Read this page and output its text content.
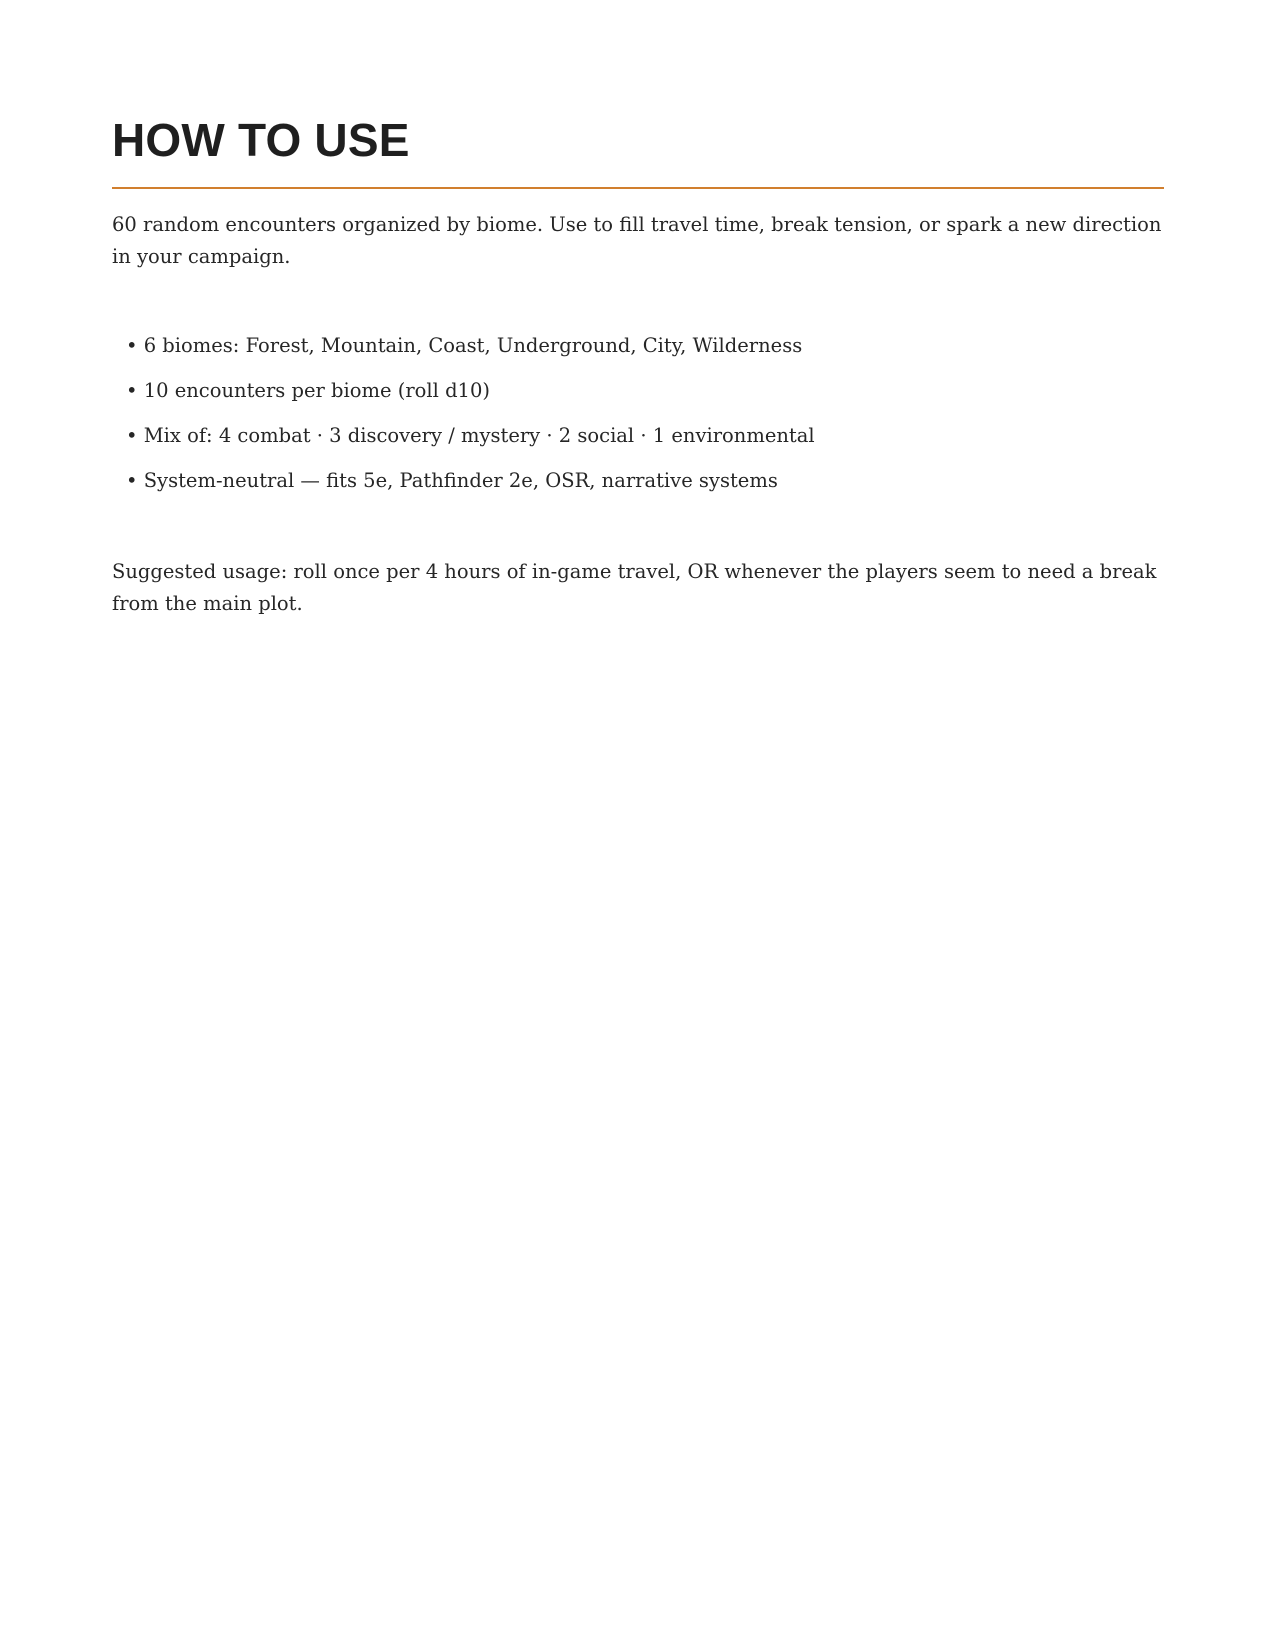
HOW TO USE

60 random encounters organized by biome. Use to fill travel time, break tension, or spark a new direction in your campaign.

• 6 biomes: Forest, Mountain, Coast, Underground, City, Wilderness
• 10 encounters per biome (roll d10)
• Mix of: 4 combat · 3 discovery / mystery · 2 social · 1 environmental
• System-neutral — fits 5e, Pathfinder 2e, OSR, narrative systems

Suggested usage: roll once per 4 hours of in-game travel, OR whenever the players seem to need a break from the main plot.
